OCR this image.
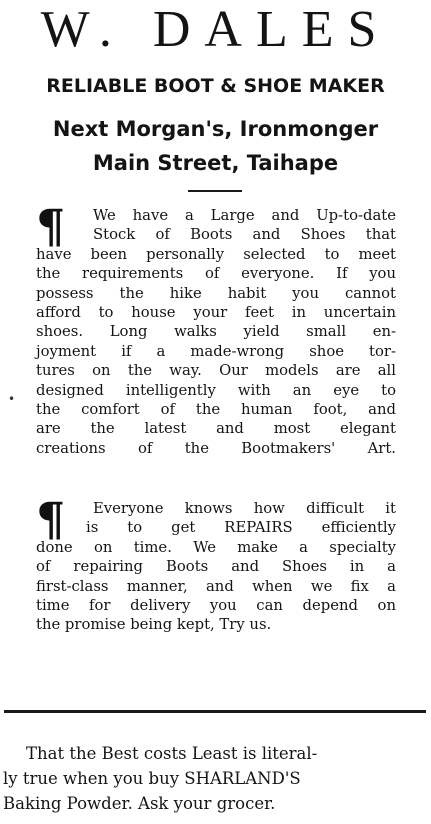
W. DALES
RELIABLE BOOT & SHOE MAKER
Next Morgan's, Ironmonger
Main Street, Taihape
¶	We have a Large and Up-to-date
Stock of Boots and Shoes that
have been personally selected to meet
the requirements of everyone. If you
possess the hike habit you cannot
afford to house your feet in uncertain
shoes. Long walks yield small en-
joyment if a made-wrong shoe tor-
tures on the way. Our models are all
designed intelligently with an eye to
the comfort of the human foot, and
are the latest and most elegant
creations of the Bootmakers' Art.
¶	Everyone knows how difficult it
is to get REPAIRS efficiently
done on time. We make a specialty
of repairing Boots and Shoes in a
first-class manner, and when we fix a
time for delivery you can depend on
the promise being kept, Try us.
•
That the Best costs Least is literal-
ly true when you buy SHARLAND'S
Baking Powder. Ask your grocer.
